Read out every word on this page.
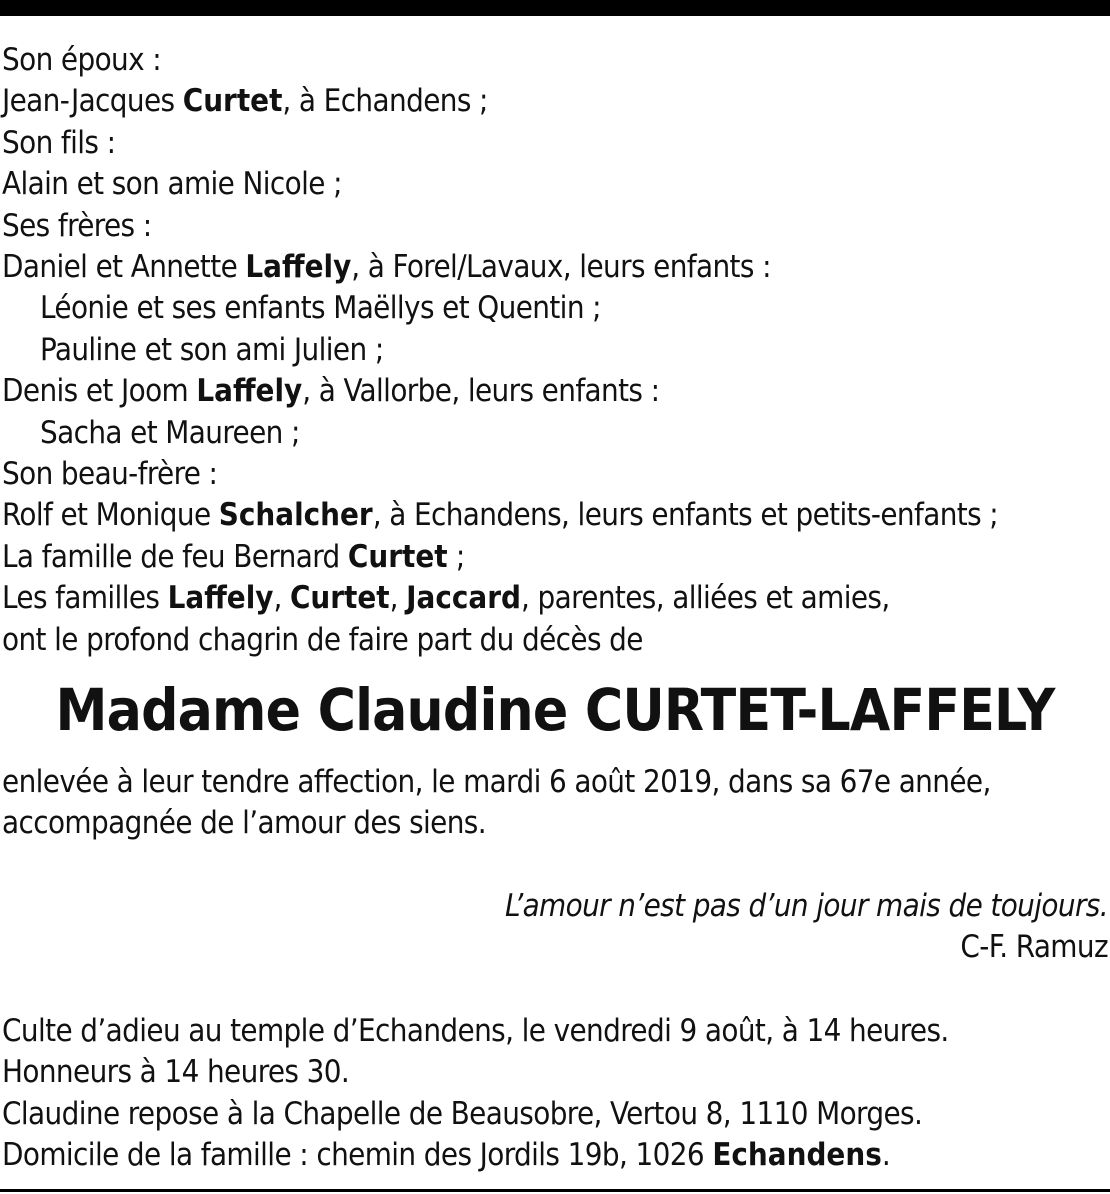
Son époux :
Jean-Jacques Curtet, à Echandens ;
Son fils :
Alain et son amie Nicole ;
Ses frères :
Daniel et Annette Laffely, à Forel/Lavaux, leurs enfants :
Léonie et ses enfants Maëllys et Quentin ;
Pauline et son ami Julien ;
Denis et Joom Laffely, à Vallorbe, leurs enfants :
Sacha et Maureen ;
Son beau-frère :
Rolf et Monique Schalcher, à Echandens, leurs enfants et petits-enfants ;
La famille de feu Bernard Curtet ;
Les familles Laffely, Curtet, Jaccard, parentes, alliées et amies,
ont le profond chagrin de faire part du décès de
Madame Claudine CURTET-LAFFELY
enlevée à leur tendre affection, le mardi 6 août 2019, dans sa 67e année,
accompagnée de l’amour des siens.
L’amour n’est pas d’un jour mais de toujours.
C-F. Ramuz
Culte d’adieu au temple d’Echandens, le vendredi 9 août, à 14 heures.
Honneurs à 14 heures 30.
Claudine repose à la Chapelle de Beausobre, Vertou 8, 1110 Morges.
Domicile de la famille : chemin des Jordils 19b, 1026 Echandens.
